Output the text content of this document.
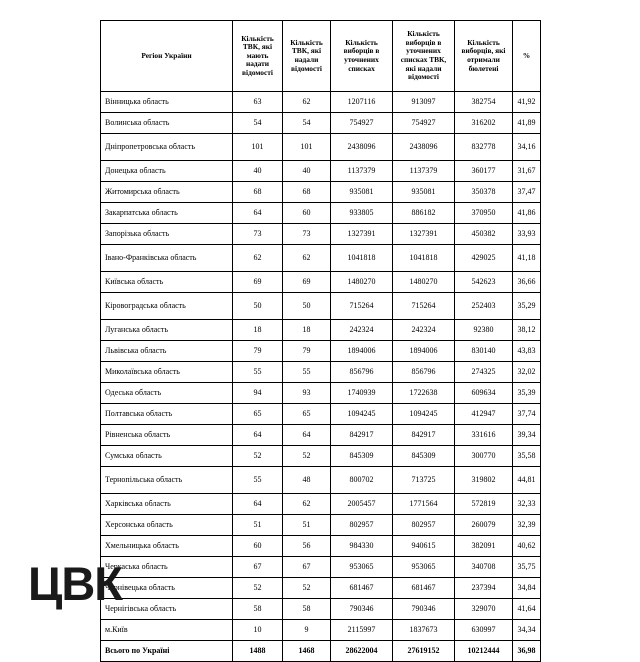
Регіон України	Кількість ТВК, які мають надати відомості	Кількість ТВК, які надали відомості	Кількість виборців в уточнених списках	Кількість виборців в уточнених списках ТВК, які надали відомості	Кількість виборців, які отримали бюлетені	%
Вінницька область	63	62	1207116	913097	382754	41,92
Волинська область	54	54	754927	754927	316202	41,89
Дніпропетровська область	101	101	2438096	2438096	832778	34,16
Донецька область	40	40	1137379	1137379	360177	31,67
Житомирська область	68	68	935081	935081	350378	37,47
Закарпатська область	64	60	933805	886182	370950	41,86
Запорізька область	73	73	1327391	1327391	450382	33,93
Івано-Франківська область	62	62	1041818	1041818	429025	41,18
Київська область	69	69	1480270	1480270	542623	36,66
Кіровоградська область	50	50	715264	715264	252403	35,29
Луганська область	18	18	242324	242324	92380	38,12
Львівська область	79	79	1894006	1894006	830140	43,83
Миколаївська область	55	55	856796	856796	274325	32,02
Одеська область	94	93	1740939	1722638	609634	35,39
Полтавська область	65	65	1094245	1094245	412947	37,74
Рівненська область	64	64	842917	842917	331616	39,34
Сумська область	52	52	845309	845309	300770	35,58
Тернопільська область	55	48	800702	713725	319802	44,81
Харківська область	64	62	2005457	1771564	572819	32,33
Херсонська область	51	51	802957	802957	260079	32,39
Хмельницька область	60	56	984330	940615	382091	40,62
Черкаська область	67	67	953065	953065	340708	35,75
Чернівецька область	52	52	681467	681467	237394	34,84
Чернігівська область	58	58	790346	790346	329070	41,64
м.Київ	10	9	2115997	1837673	630997	34,34
Всього по Україні	1488	1468	28622004	27619152	10212444	36,98
ЦВК
